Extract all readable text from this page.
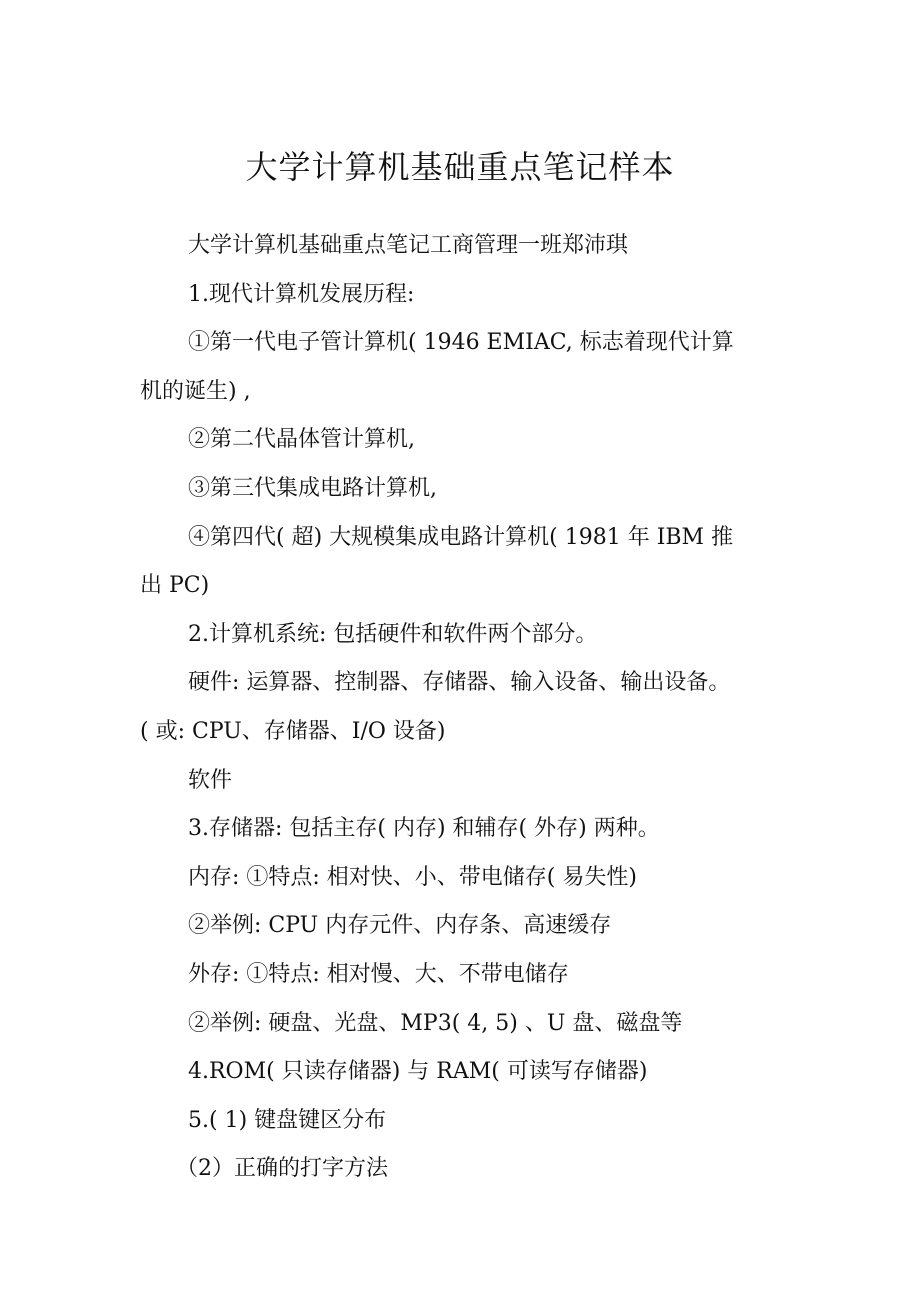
大学计算机基础重点笔记样本
大学计算机基础重点笔记工商管理一班郑沛琪
1.现代计算机发展历程:
①第一代电子管计算机( 1946 EMIAC, 标志着现代计算
机的诞生) ,
②第二代晶体管计算机,
③第三代集成电路计算机,
④第四代( 超) 大规模集成电路计算机( 1981 年 IBM 推
出 PC)
2.计算机系统: 包括硬件和软件两个部分。
硬件: 运算器、控制器、存储器、输入设备、输出设备。
( 或: CPU、存储器、I/O 设备)
软件
3.存储器: 包括主存( 内存) 和辅存( 外存) 两种。
内存: ①特点: 相对快、小、带电储存( 易失性)
②举例: CPU 内存元件、内存条、高速缓存
外存: ①特点: 相对慢、大、不带电储存
②举例: 硬盘、光盘、MP3( 4, 5) 、U 盘、磁盘等
4.ROM( 只读存储器) 与 RAM( 可读写存储器)
5.( 1) 键盘键区分布
（2）正确的打字方法
